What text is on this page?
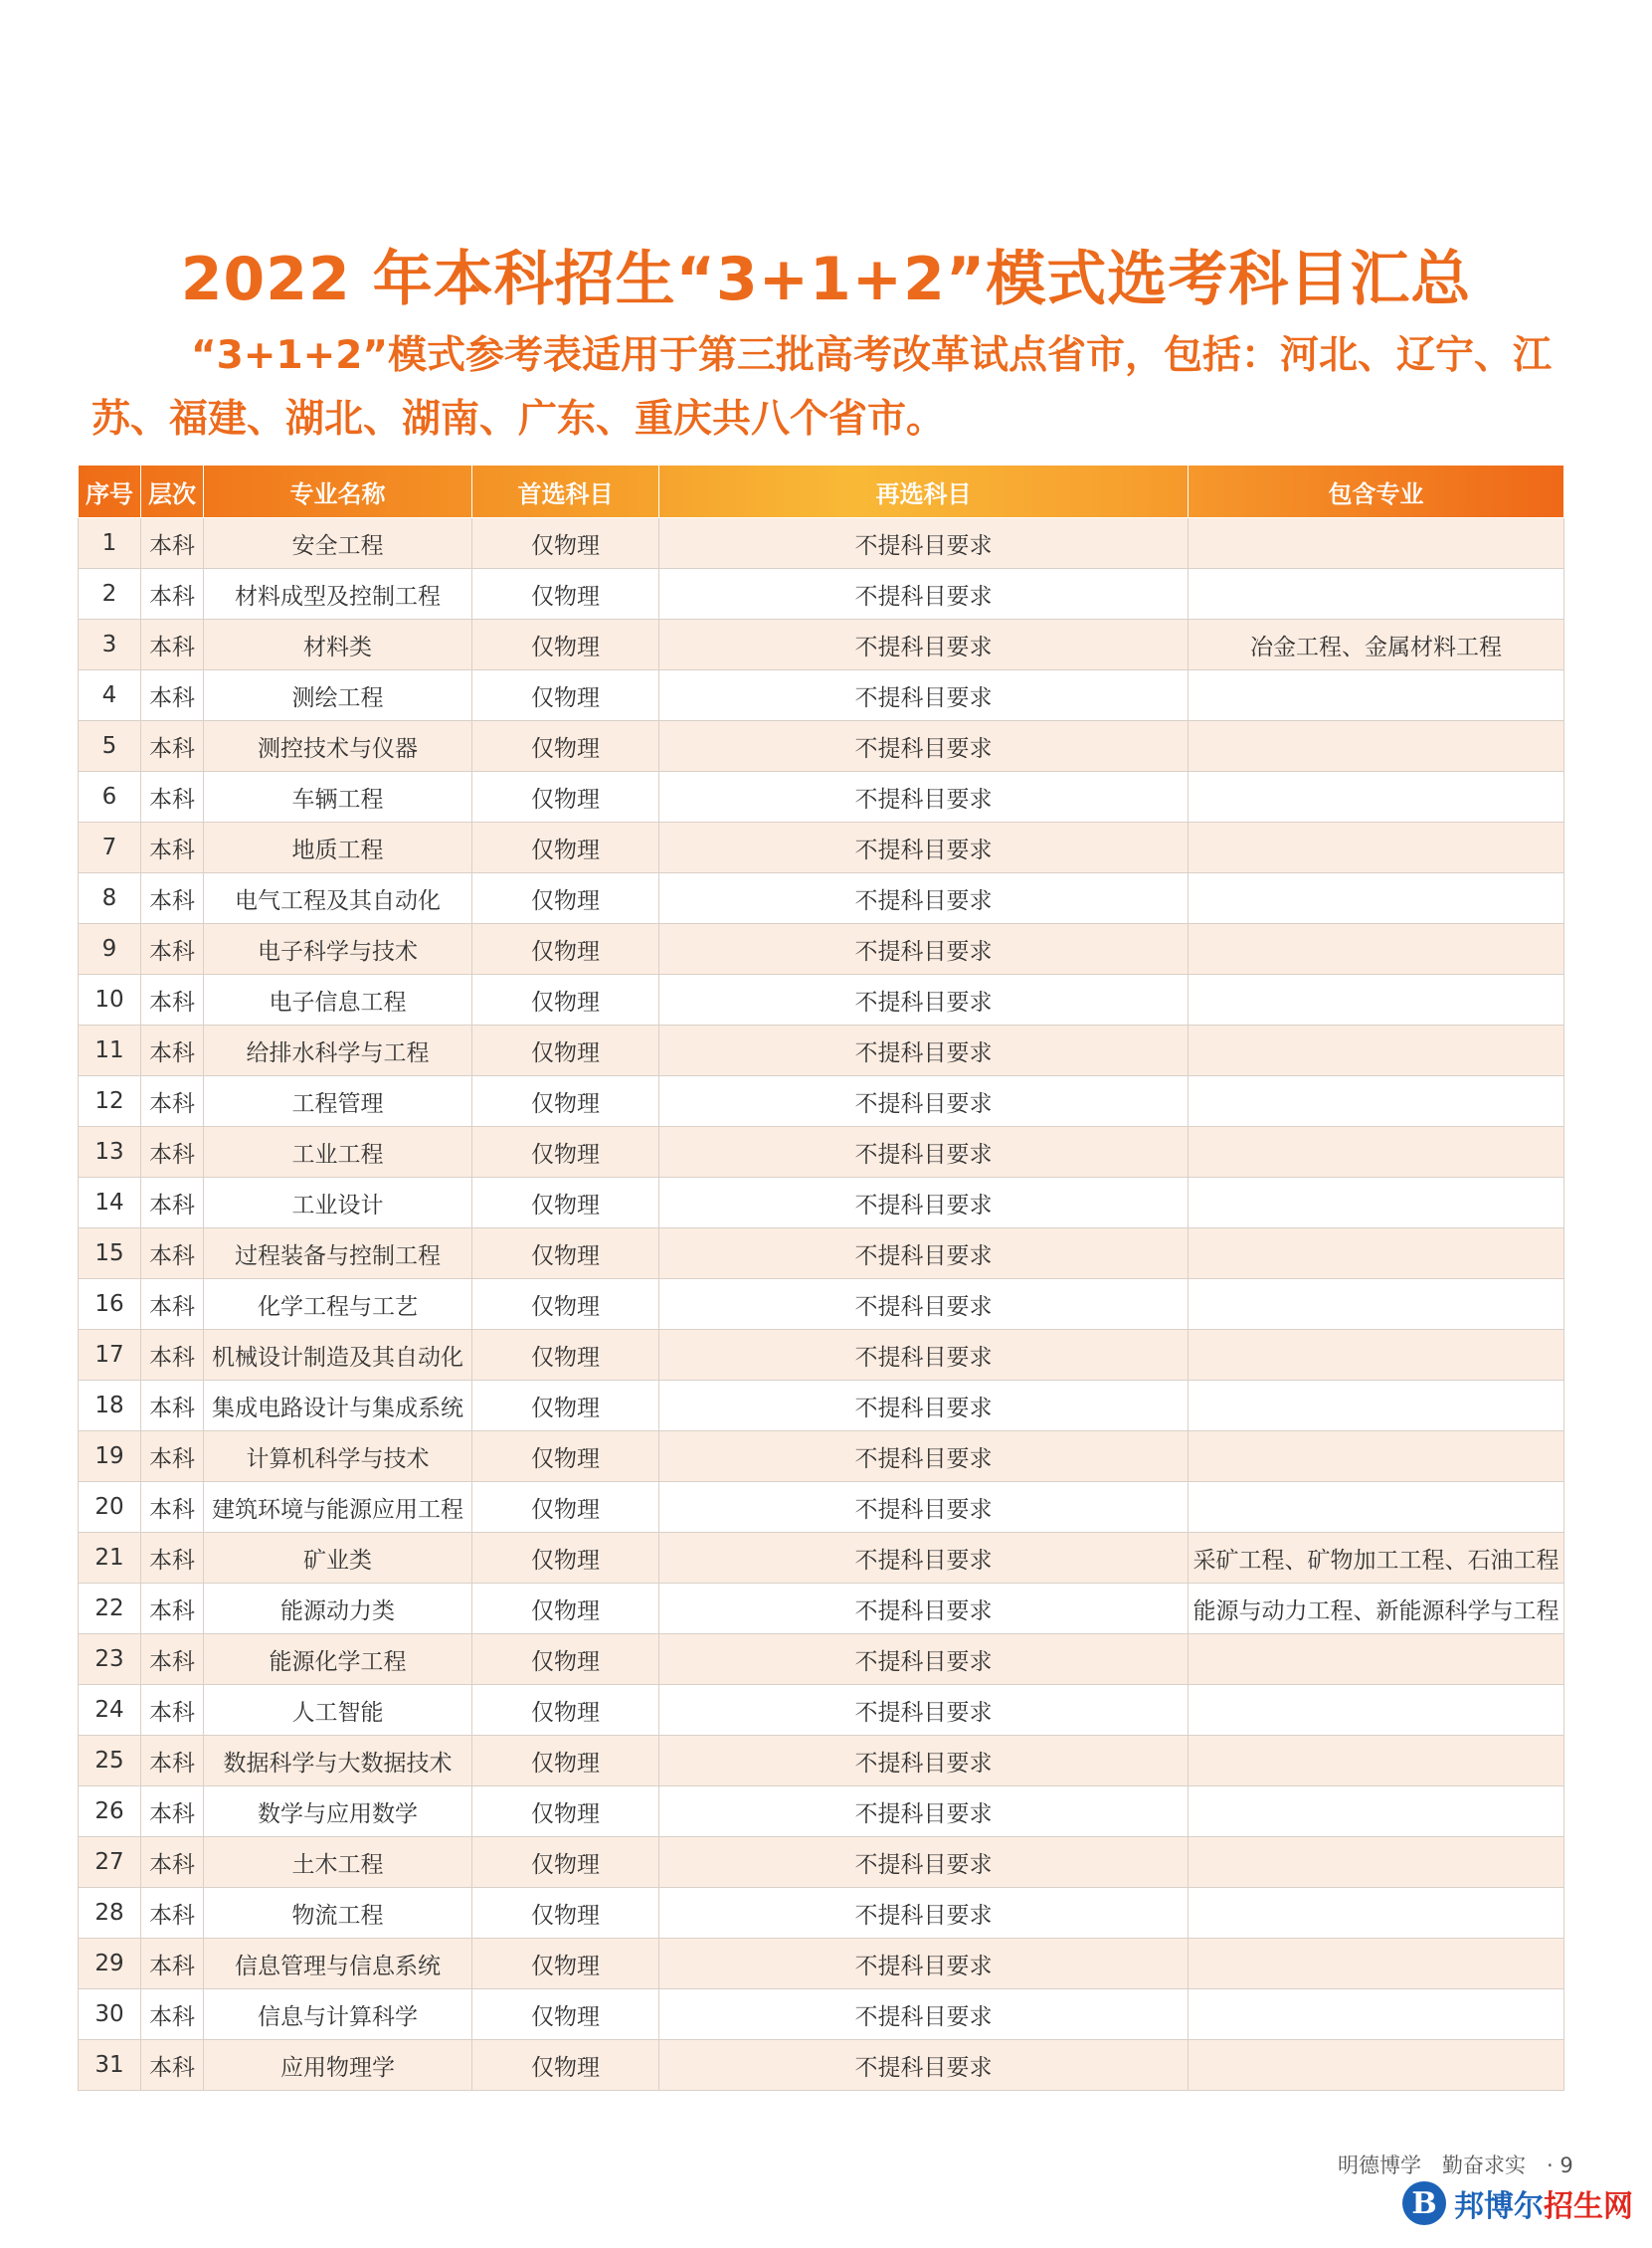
2022 年本科招生“3+1+2”模式选考科目汇总

“3+1+2”模式参考表适用于第三批高考改革试点省市，包括：河北、辽宁、江苏、福建、湖北、湖南、广东、重庆共八个省市。

序号	层次	专业名称	首选科目	再选科目	包含专业
1	本科	安全工程	仅物理	不提科目要求	
2	本科	材料成型及控制工程	仅物理	不提科目要求	
3	本科	材料类	仅物理	不提科目要求	冶金工程、金属材料工程
4	本科	测绘工程	仅物理	不提科目要求	
5	本科	测控技术与仪器	仅物理	不提科目要求	
6	本科	车辆工程	仅物理	不提科目要求	
7	本科	地质工程	仅物理	不提科目要求	
8	本科	电气工程及其自动化	仅物理	不提科目要求	
9	本科	电子科学与技术	仅物理	不提科目要求	
10	本科	电子信息工程	仅物理	不提科目要求	
11	本科	给排水科学与工程	仅物理	不提科目要求	
12	本科	工程管理	仅物理	不提科目要求	
13	本科	工业工程	仅物理	不提科目要求	
14	本科	工业设计	仅物理	不提科目要求	
15	本科	过程装备与控制工程	仅物理	不提科目要求	
16	本科	化学工程与工艺	仅物理	不提科目要求	
17	本科	机械设计制造及其自动化	仅物理	不提科目要求	
18	本科	集成电路设计与集成系统	仅物理	不提科目要求	
19	本科	计算机科学与技术	仅物理	不提科目要求	
20	本科	建筑环境与能源应用工程	仅物理	不提科目要求	
21	本科	矿业类	仅物理	不提科目要求	采矿工程、矿物加工工程、石油工程
22	本科	能源动力类	仅物理	不提科目要求	能源与动力工程、新能源科学与工程
23	本科	能源化学工程	仅物理	不提科目要求	
24	本科	人工智能	仅物理	不提科目要求	
25	本科	数据科学与大数据技术	仅物理	不提科目要求	
26	本科	数学与应用数学	仅物理	不提科目要求	
27	本科	土木工程	仅物理	不提科目要求	
28	本科	物流工程	仅物理	不提科目要求	
29	本科	信息管理与信息系统	仅物理	不提科目要求	
30	本科	信息与计算科学	仅物理	不提科目要求	
31	本科	应用物理学	仅物理	不提科目要求	
明德博学　勤奋求实　· 9
B 邦博尔招生网
